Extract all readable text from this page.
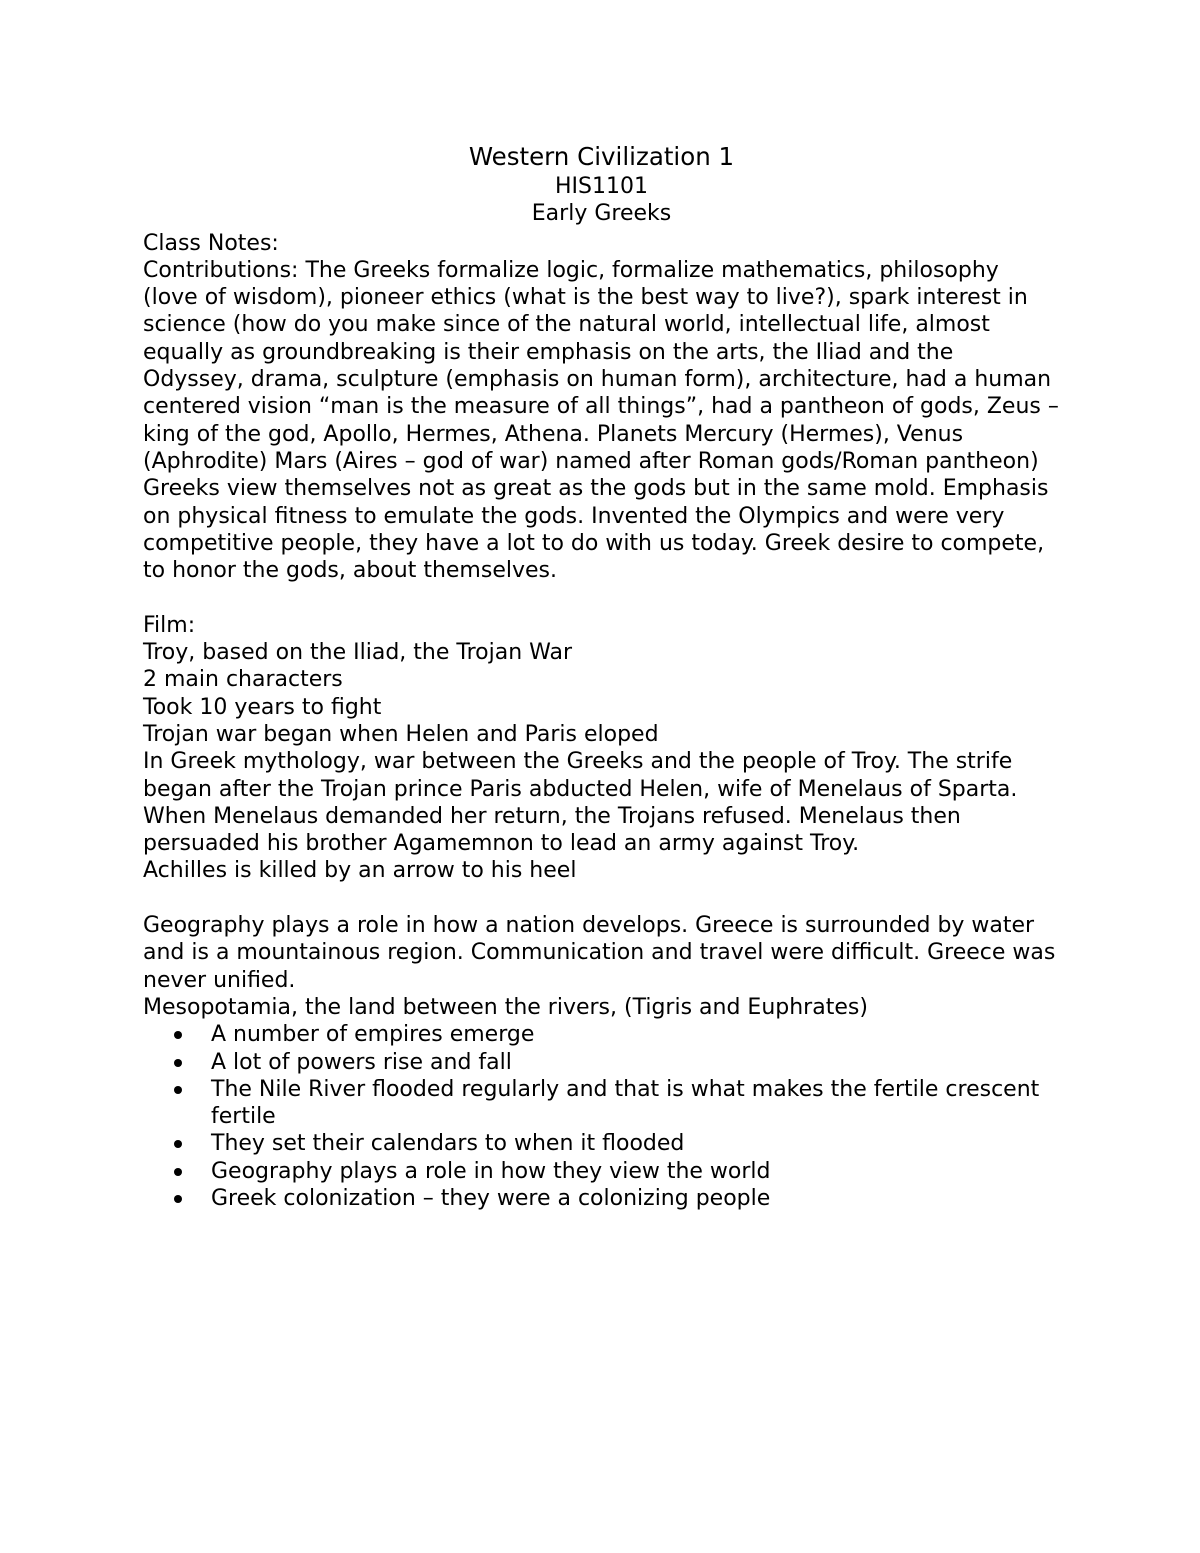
Western Civilization 1

HIS1101

Early Greeks

Class Notes:

Contributions: The Greeks formalize logic, formalize mathematics, philosophy (love of wisdom), pioneer ethics (what is the best way to live?), spark interest in science (how do you make since of the natural world, intellectual life, almost equally as groundbreaking is their emphasis on the arts, the Iliad and the Odyssey, drama, sculpture (emphasis on human form), architecture, had a human centered vision “man is the measure of all things”, had a pantheon of gods, Zeus – king of the god, Apollo, Hermes, Athena. Planets Mercury (Hermes), Venus (Aphrodite) Mars (Aires – god of war) named after Roman gods/Roman pantheon) Greeks view themselves not as great as the gods but in the same mold. Emphasis on physical fitness to emulate the gods. Invented the Olympics and were very competitive people, they have a lot to do with us today. Greek desire to compete, to honor the gods, about themselves.

Film:

Troy, based on the Iliad, the Trojan War

2 main characters

Took 10 years to fight

Trojan war began when Helen and Paris eloped

In Greek mythology, war between the Greeks and the people of Troy. The strife began after the Trojan prince Paris abducted Helen, wife of Menelaus of Sparta. When Menelaus demanded her return, the Trojans refused. Menelaus then persuaded his brother Agamemnon to lead an army against Troy.

Achilles is killed by an arrow to his heel

Geography plays a role in how a nation develops. Greece is surrounded by water and is a mountainous region. Communication and travel were difficult. Greece was never unified.

Mesopotamia, the land between the rivers, (Tigris and Euphrates)

A number of empires emerge
A lot of powers rise and fall
The Nile River flooded regularly and that is what makes the fertile crescent fertile
They set their calendars to when it flooded
Geography plays a role in how they view the world
Greek colonization – they were a colonizing people
